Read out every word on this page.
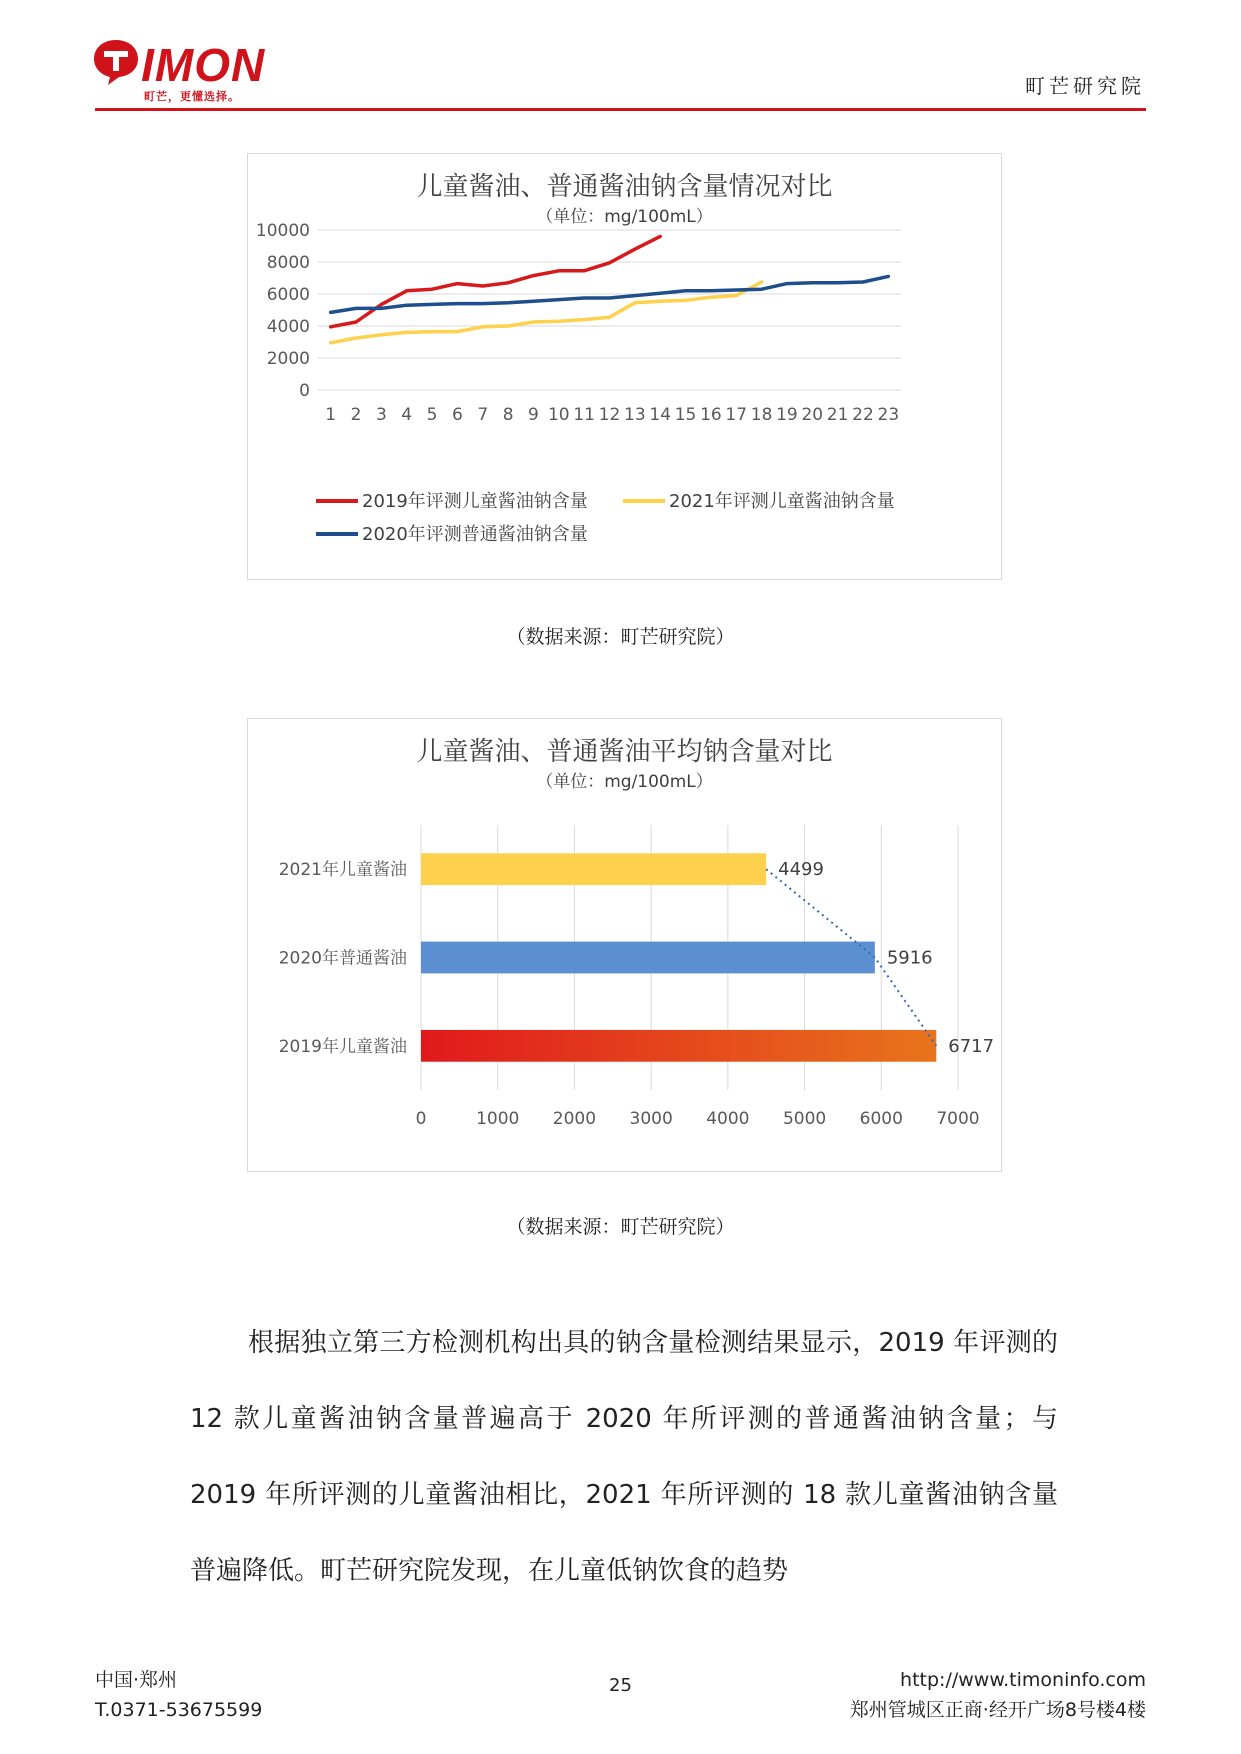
IMON
町芒，更懂选择。	町芒研究院
儿童酱油、普通酱油钠含量情况对比
（单位：mg/100mL）
0
2000
4000
6000
8000
10000
1 2 3 4 5 6 7 8 9 10 11 12 13 14 15 16 17 18 19 20 21 22 23
2019年评测儿童酱油钠含量	2021年评测儿童酱油钠含量
2020年评测普通酱油钠含量
（数据来源：町芒研究院）
儿童酱油、普通酱油平均钠含量对比
（单位：mg/100mL）
0	1000 2000 3000 4000 5000 6000 7000
2021年儿童酱油
2020年普通酱油
2019年儿童酱油
4499
5916
6717
（数据来源：町芒研究院）
根据独立第三方检测机构出具的钠含量检测结果显示，2019 年评测的 12 款儿童酱油钠含量普遍高于 2020 年所评测的普通酱油钠含量；与 2019 年所评测的儿童酱油相比，2021 年所评测的 18 款儿童酱油钠含量普遍降低。町芒研究院发现，在儿童低钠饮食的趋势
中国·郑州
T.0371-53675599
25	http://www.timoninfo.com
郑州管城区正商·经开广场8号楼4楼
